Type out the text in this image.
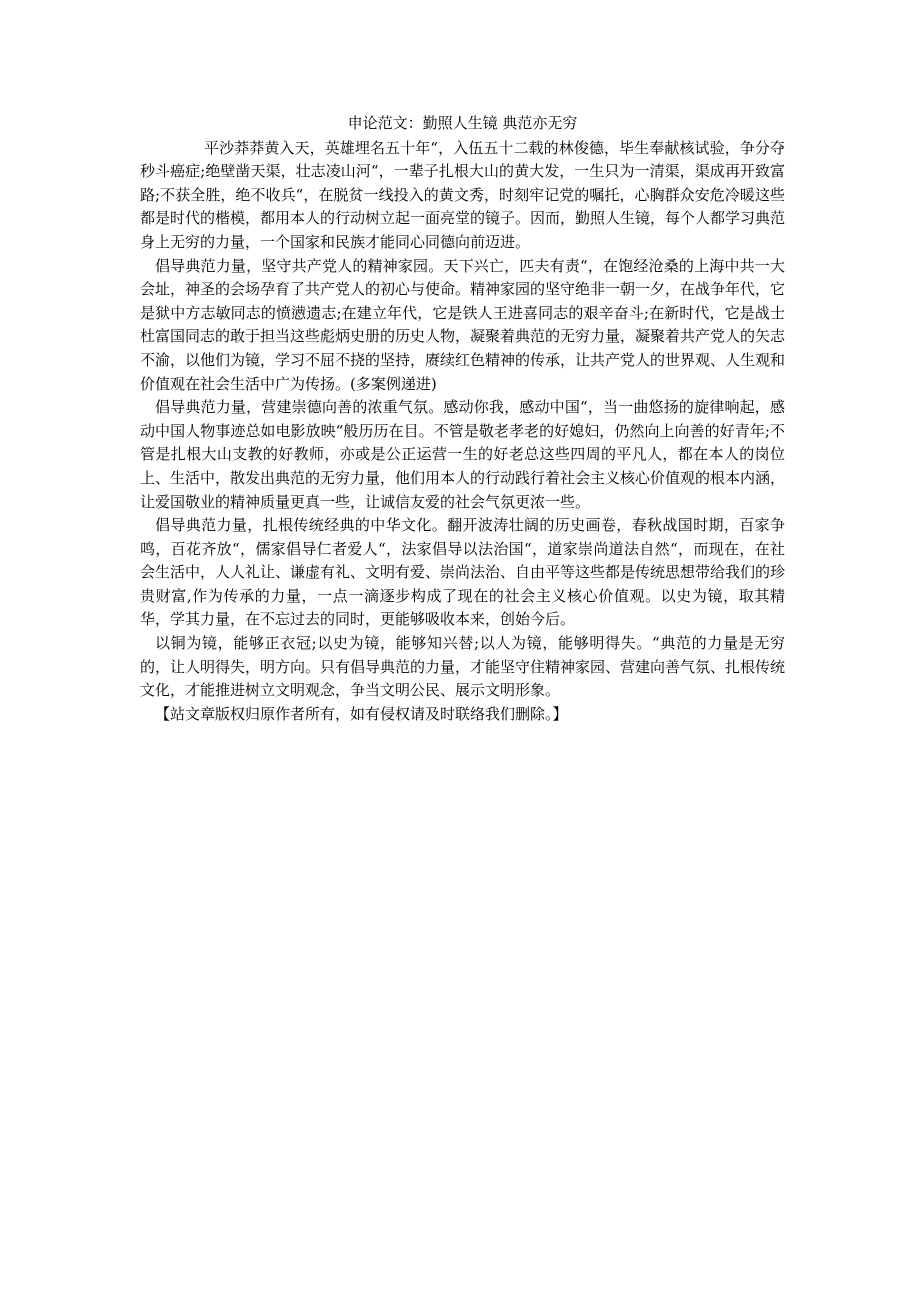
申论范文：勤照人生镜 典范亦无穷

平沙莽莽黄入天，英雄埋名五十年“，入伍五十二载的林俊德，毕生奉献核试验，争分夺秒斗癌症;绝壁凿天渠，壮志凌山河“，一辈子扎根大山的黄大发，一生只为一清渠，渠成再开致富路;不获全胜，绝不收兵“，在脱贫一线投入的黄文秀，时刻牢记党的嘱托，心胸群众安危冷暖这些都是时代的楷模，都用本人的行动树立起一面亮堂的镜子。因而，勤照人生镜，每个人都学习典范身上无穷的力量，一个国家和民族才能同心同德向前迈进。

倡导典范力量，坚守共产党人的精神家园。天下兴亡，匹夫有责“，在饱经沧桑的上海中共一大会址，神圣的会场孕育了共产党人的初心与使命。精神家园的坚守绝非一朝一夕，在战争年代，它是狱中方志敏同志的愤懑遗志;在建立年代，它是铁人王进喜同志的艰辛奋斗;在新时代，它是战士杜富国同志的敢于担当这些彪炳史册的历史人物，凝聚着典范的无穷力量，凝聚着共产党人的矢志不渝，以他们为镜，学习不屈不挠的坚持，赓续红色精神的传承，让共产党人的世界观、人生观和价值观在社会生活中广为传扬。(多案例递进)

倡导典范力量，营建崇德向善的浓重气氛。感动你我，感动中国“，当一曲悠扬的旋律响起，感动中国人物事迹总如电影放映“般历历在目。不管是敬老孝老的好媳妇，仍然向上向善的好青年;不管是扎根大山支教的好教师，亦或是公正运营一生的好老总这些四周的平凡人，都在本人的岗位上、生活中，散发出典范的无穷力量，他们用本人的行动践行着社会主义核心价值观的根本内涵，让爱国敬业的精神质量更真一些，让诚信友爱的社会气氛更浓一些。

倡导典范力量，扎根传统经典的中华文化。翻开波涛壮阔的历史画卷，春秋战国时期，百家争鸣，百花齐放“，儒家倡导仁者爱人“，法家倡导以法治国“，道家崇尚道法自然“，而现在，在社会生活中，人人礼让、谦虚有礼、文明有爱、崇尚法治、自由平等这些都是传统思想带给我们的珍贵财富,作为传承的力量，一点一滴逐步构成了现在的社会主义核心价值观。以史为镜，取其精华，学其力量，在不忘过去的同时，更能够吸收本来，创始今后。

以铜为镜，能够正衣冠;以史为镜，能够知兴替;以人为镜，能够明得失。“典范的力量是无穷的，让人明得失，明方向。只有倡导典范的力量，才能坚守住精神家园、营建向善气氛、扎根传统文化，才能推进树立文明观念，争当文明公民、展示文明形象。

【站文章版权归原作者所有，如有侵权请及时联络我们删除。】
